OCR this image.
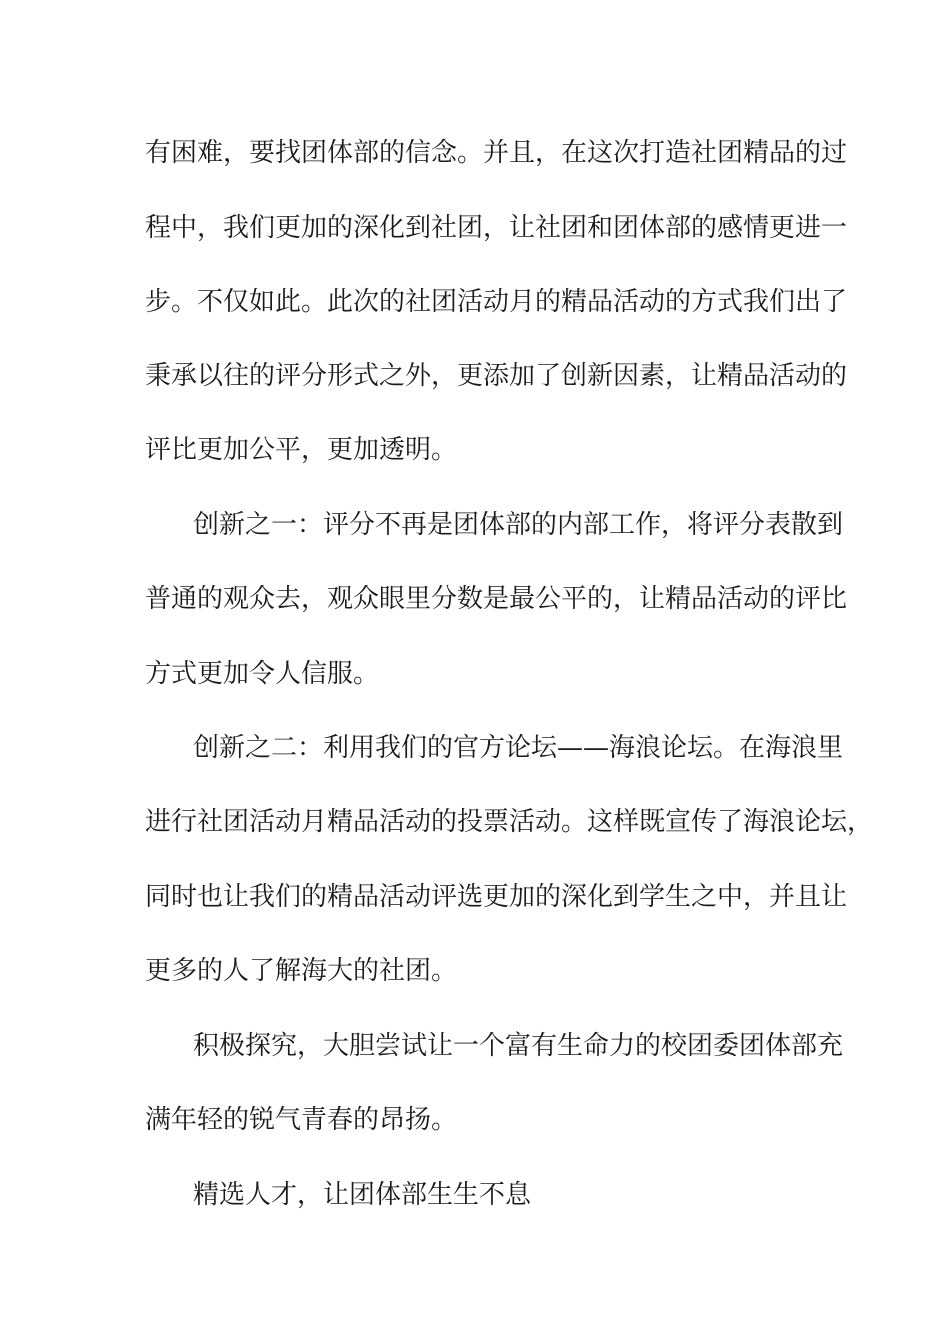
有困难，要找团体部的信念。并且，在这次打造社团精品的过
程中，我们更加的深化到社团，让社团和团体部的感情更进一
步。不仅如此。此次的社团活动月的精品活动的方式我们出了
秉承以往的评分形式之外，更添加了创新因素，让精品活动的
评比更加公平，更加透明。
创新之一：评分不再是团体部的内部工作，将评分表散到
普通的观众去，观众眼里分数是最公平的，让精品活动的评比
方式更加令人信服。
创新之二：利用我们的官方论坛——海浪论坛。在海浪里
进行社团活动月精品活动的投票活动。这样既宣传了海浪论坛，
同时也让我们的精品活动评选更加的深化到学生之中，并且让
更多的人了解海大的社团。
积极探究，大胆尝试让一个富有生命力的校团委团体部充
满年轻的锐气青春的昂扬。
精选人才，让团体部生生不息
